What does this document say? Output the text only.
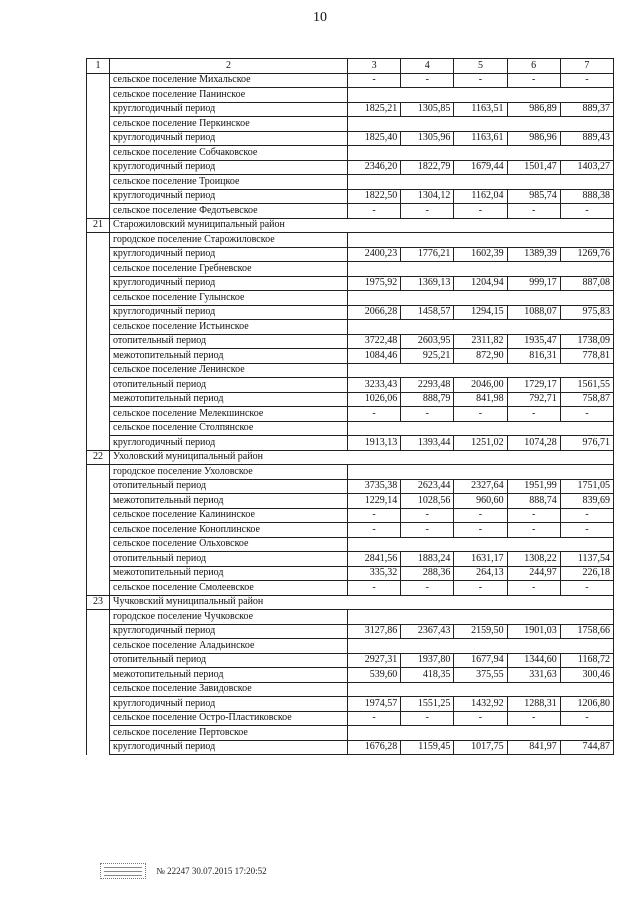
10
1	2	3	4	5	6	7
	сельское поселение Михальское	-	-	-	-	-
	сельское поселение Панинское					
	круглогодичный период	1825,21	1305,85	1163,51	986,89	889,37
	сельское поселение Перкинское					
	круглогодичный период	1825,40	1305,96	1163,61	986,96	889,43
	сельское поселение Собчаковское					
	круглогодичный период	2346,20	1822,79	1679,44	1501,47	1403,27
	сельское поселение Троицкое					
	круглогодичный период	1822,50	1304,12	1162,04	985,74	888,38
	сельское поселение Федотьевское	-	-	-	-	-
21	Старожиловский муниципальный район					
	городское поселение Старожиловское					
	круглогодичный период	2400,23	1776,21	1602,39	1389,39	1269,76
	сельское поселение Гребневское					
	круглогодичный период	1975,92	1369,13	1204,94	999,17	887,08
	сельское поселение Гулынское					
	круглогодичный период	2066,28	1458,57	1294,15	1088,07	975,83
	сельское поселение Истьинское					
	отопительный период	3722,48	2603,95	2311,82	1935,47	1738,09
	межотопительный период	1084,46	925,21	872,90	816,31	778,81
	сельское поселение Ленинское					
	отопительный период	3233,43	2293,48	2046,00	1729,17	1561,55
	межотопительный период	1026,06	888,79	841,98	792,71	758,87
	сельское поселение Мелекшинское	-	-	-	-	-
	сельское поселение Столпянское					
	круглогодичный период	1913,13	1393,44	1251,02	1074,28	976,71
22	Ухоловский муниципальный район					
	городское поселение Ухоловское					
	отопительный период	3735,38	2623,44	2327,64	1951,99	1751,05
	межотопительный период	1229,14	1028,56	960,60	888,74	839,69
	сельское поселение Калининское	-	-	-	-	-
	сельское поселение Коноплинское	-	-	-	-	-
	сельское поселение Ольховское					
	отопительный период	2841,56	1883,24	1631,17	1308,22	1137,54
	межотопительный период	335,32	288,36	264,13	244,97	226,18
	сельское поселение Смолеевское	-	-	-	-	-
23	Чучковский муниципальный район					
	городское поселение Чучковское					
	круглогодичный период	3127,86	2367,43	2159,50	1901,03	1758,66
	сельское поселение Аладьинское					
	отопительный период	2927,31	1937,80	1677,94	1344,60	1168,72
	межотопительный период	539,60	418,35	375,55	331,63	300,46
	сельское поселение Завидовское					
	круглогодичный период	1974,57	1551,25	1432,92	1288,31	1206,80
	сельское поселение Остро-Пластиковское	-	-	-	-	-
	сельское поселение Пертовское					
	круглогодичный период	1676,28	1159,45	1017,75	841,97	744,87
№ 22247 30.07.2015 17:20:52
